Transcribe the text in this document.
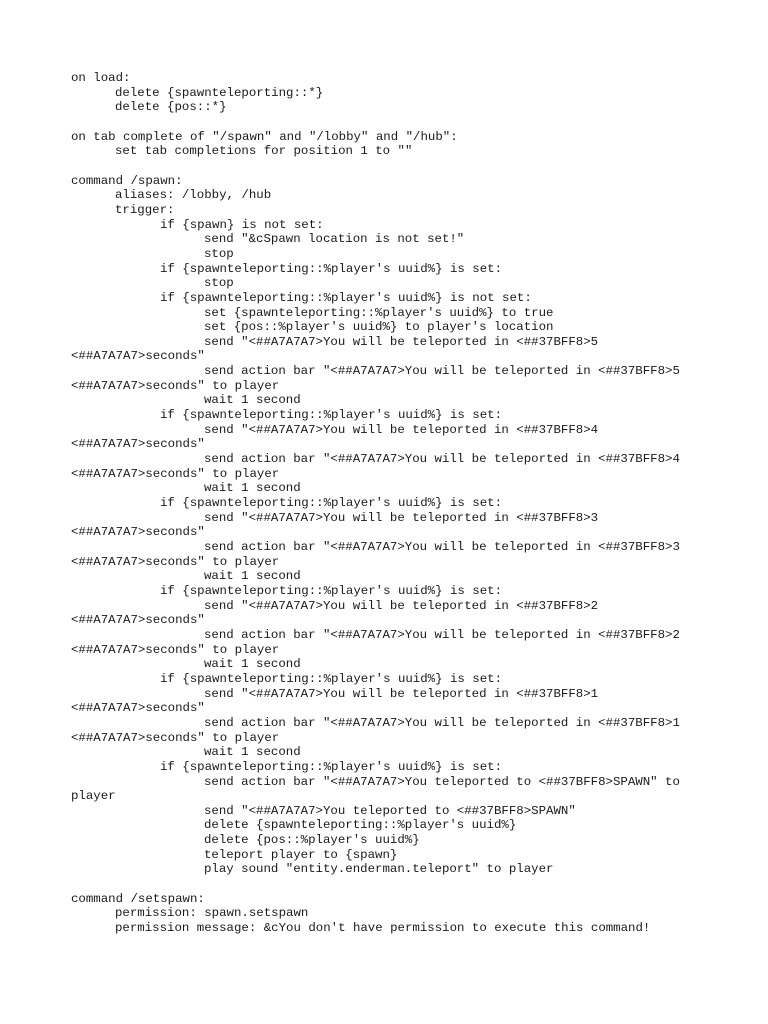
on load:
delete {spawnteleporting::*}
delete {pos::*}
on tab complete of "/spawn" and "/lobby" and "/hub":
set tab completions for position 1 to ""
command /spawn:
aliases: /lobby, /hub
trigger:
if {spawn} is not set:
send "&cSpawn location is not set!"
stop
if {spawnteleporting::%player's uuid%} is set:
stop
if {spawnteleporting::%player's uuid%} is not set:
set {spawnteleporting::%player's uuid%} to true
set {pos::%player's uuid%} to player's location
send "<##A7A7A7>You will be teleported in <##37BFF8>5
<##A7A7A7>seconds"
send action bar "<##A7A7A7>You will be teleported in <##37BFF8>5
<##A7A7A7>seconds" to player
wait 1 second
if {spawnteleporting::%player's uuid%} is set:
send "<##A7A7A7>You will be teleported in <##37BFF8>4
<##A7A7A7>seconds"
send action bar "<##A7A7A7>You will be teleported in <##37BFF8>4
<##A7A7A7>seconds" to player
wait 1 second
if {spawnteleporting::%player's uuid%} is set:
send "<##A7A7A7>You will be teleported in <##37BFF8>3
<##A7A7A7>seconds"
send action bar "<##A7A7A7>You will be teleported in <##37BFF8>3
<##A7A7A7>seconds" to player
wait 1 second
if {spawnteleporting::%player's uuid%} is set:
send "<##A7A7A7>You will be teleported in <##37BFF8>2
<##A7A7A7>seconds"
send action bar "<##A7A7A7>You will be teleported in <##37BFF8>2
<##A7A7A7>seconds" to player
wait 1 second
if {spawnteleporting::%player's uuid%} is set:
send "<##A7A7A7>You will be teleported in <##37BFF8>1
<##A7A7A7>seconds"
send action bar "<##A7A7A7>You will be teleported in <##37BFF8>1
<##A7A7A7>seconds" to player
wait 1 second
if {spawnteleporting::%player's uuid%} is set:
send action bar "<##A7A7A7>You teleported to <##37BFF8>SPAWN" to
player
send "<##A7A7A7>You teleported to <##37BFF8>SPAWN"
delete {spawnteleporting::%player's uuid%}
delete {pos::%player's uuid%}
teleport player to {spawn}
play sound "entity.enderman.teleport" to player
command /setspawn:
permission: spawn.setspawn
permission message: &cYou don't have permission to execute this command!
